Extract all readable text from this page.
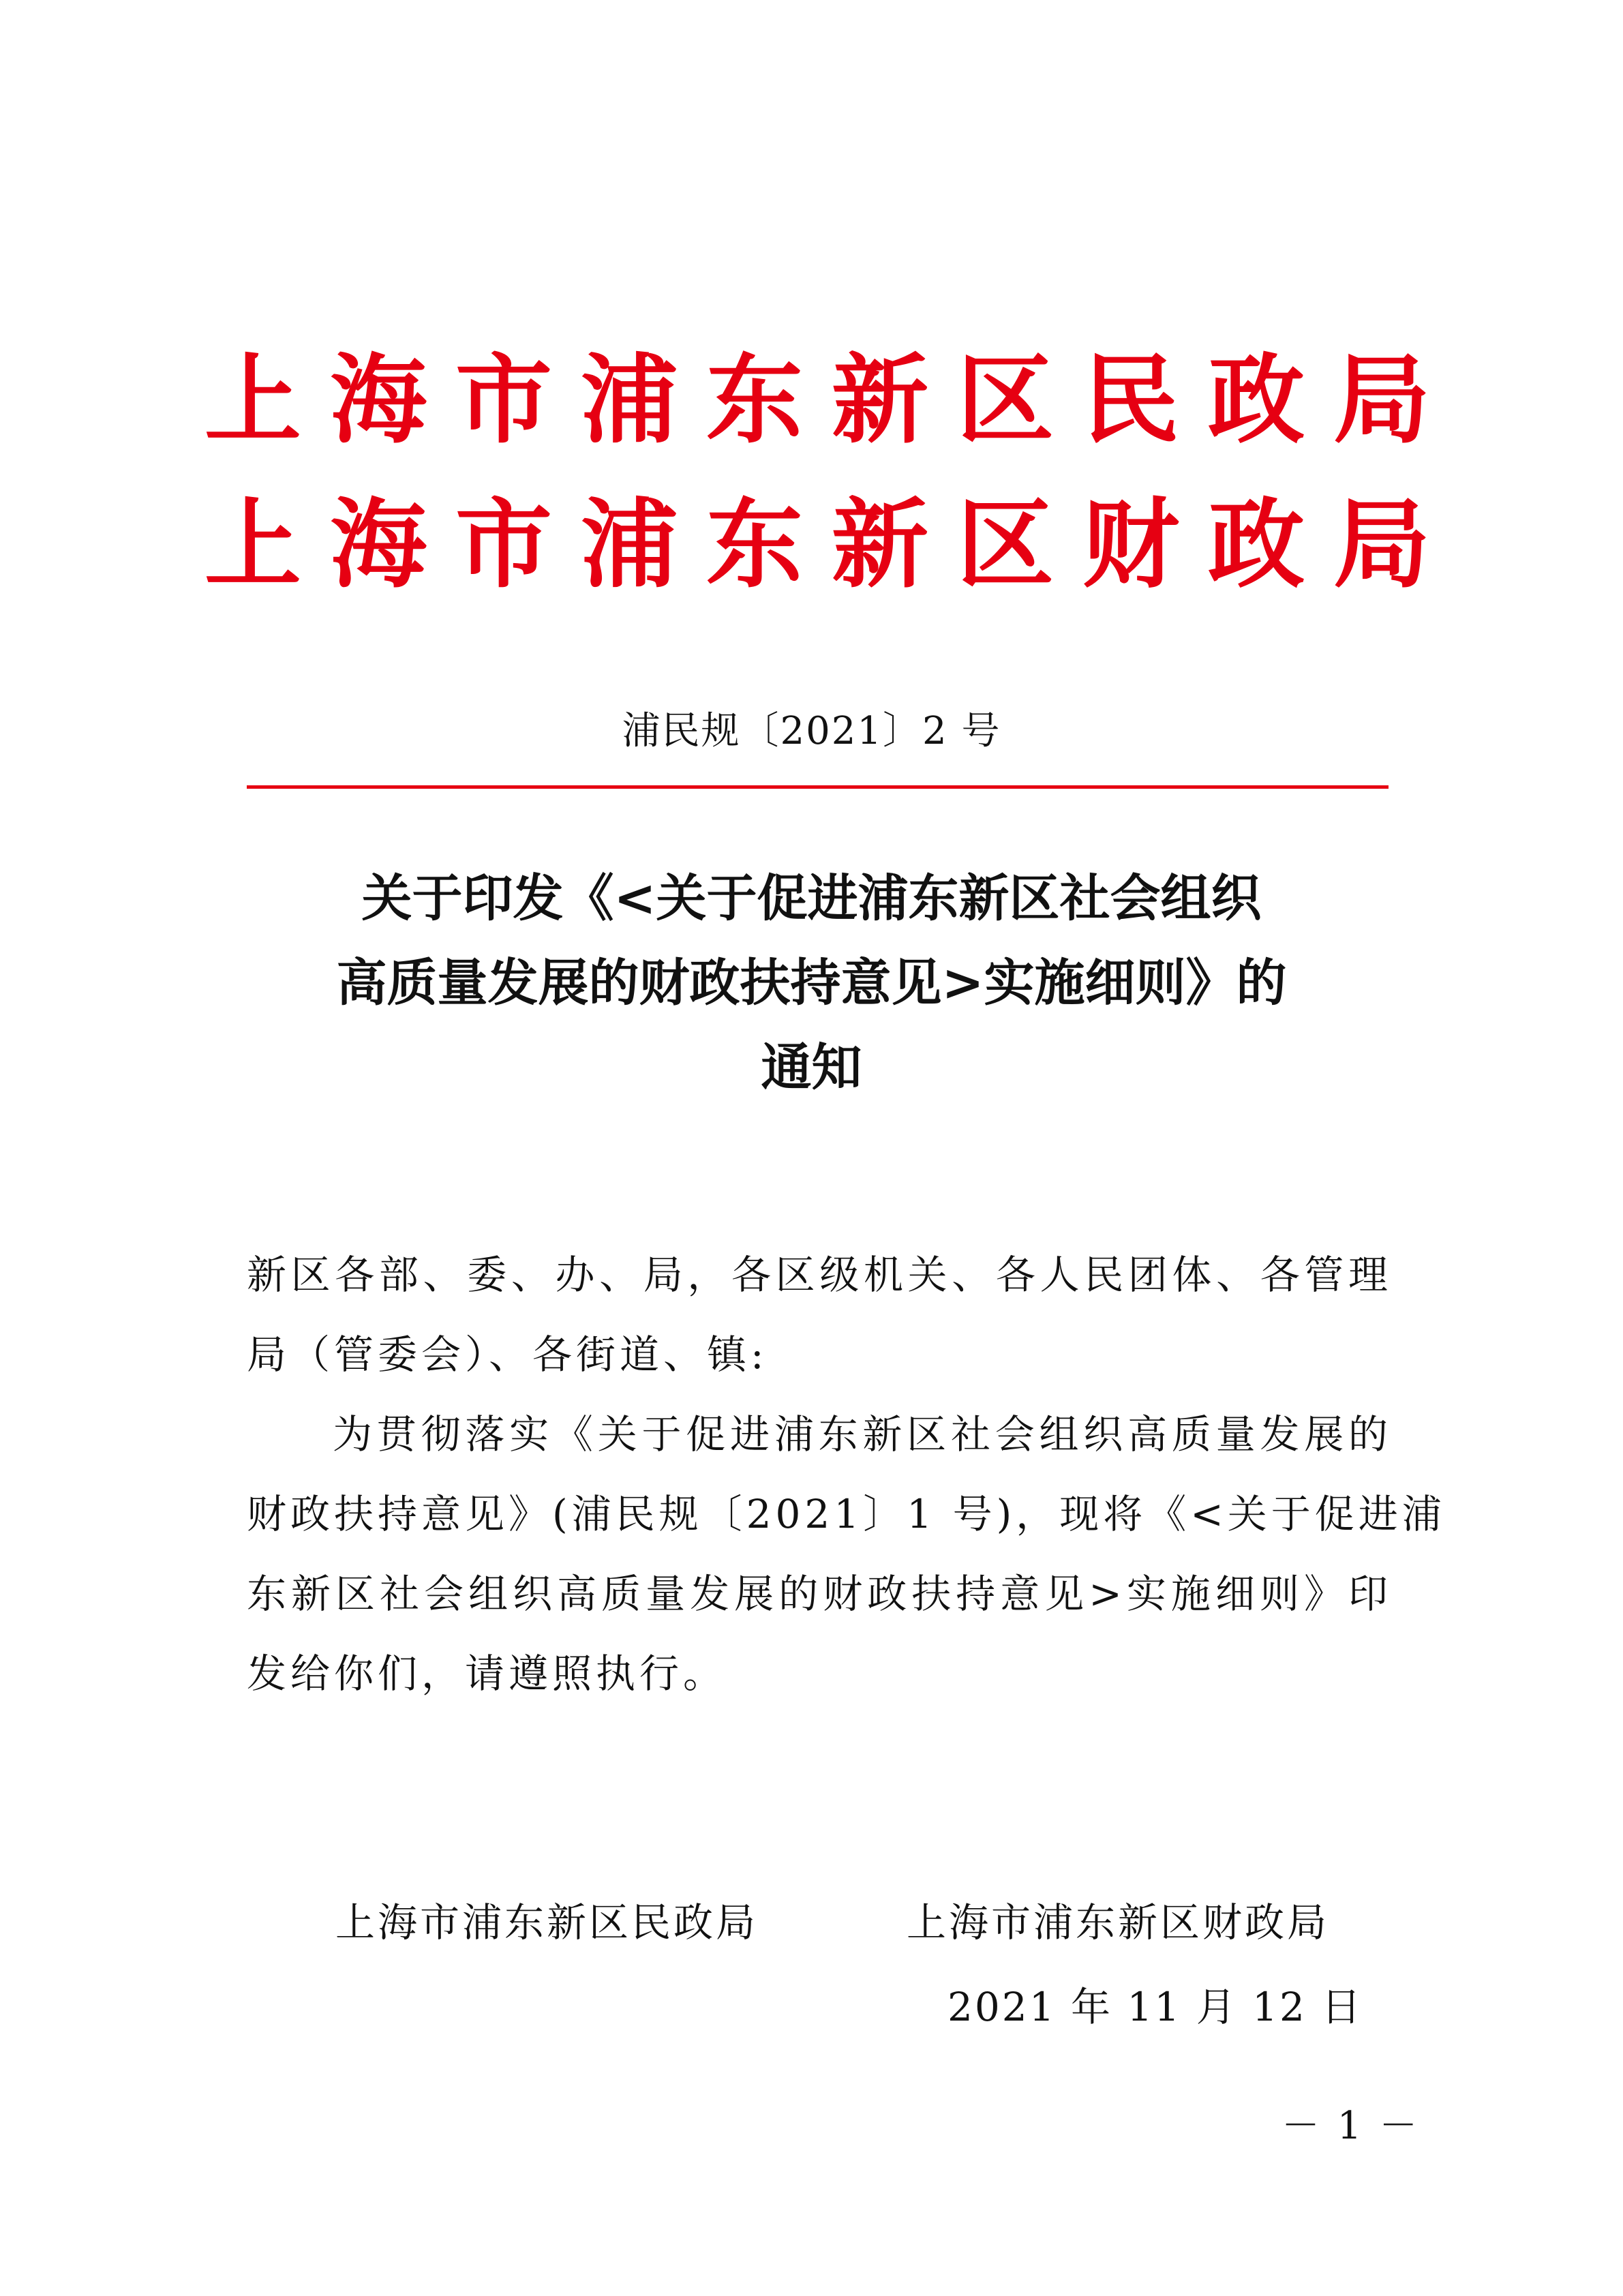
上海市浦东新区民政局
上海市浦东新区财政局
浦民规〔2021〕2 号
关于印发《<关于促进浦东新区社会组织
高质量发展的财政扶持意见>实施细则》的
通知
新区各部、委、办、局，各区级机关、各人民团体、各管理
局（管委会）、各街道、镇:
为贯彻落实《关于促进浦东新区社会组织高质量发展的
财政扶持意见》(浦民规〔2021〕1 号)，现将《<关于促进浦
东新区社会组织高质量发展的财政扶持意见>实施细则》印
发给你们，请遵照执行。
上海市浦东新区民政局	上海市浦东新区财政局
2021 年 11 月 12 日
－ 1 －
